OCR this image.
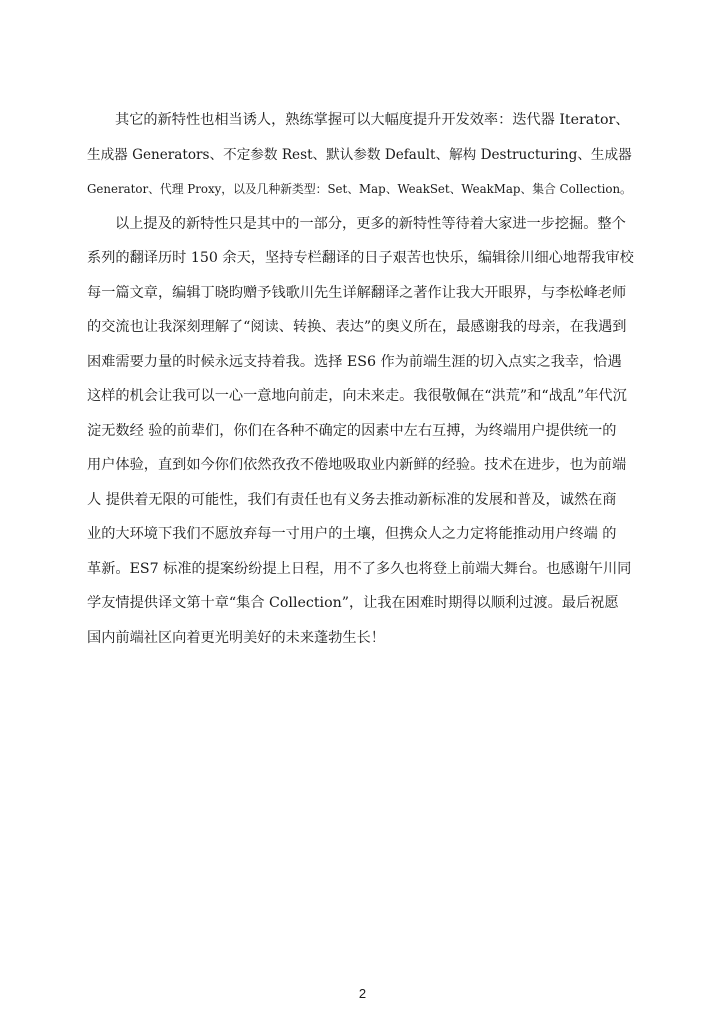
其它的新特性也相当诱人，熟练掌握可以大幅度提升开发效率：迭代器 Iterator、
生成器 Generators、不定参数 Rest、默认参数 Default、解构 Destructuring、生成器
Generator、代理 Proxy，以及几种新类型：Set、Map、WeakSet、WeakMap、集合 Collection。
以上提及的新特性只是其中的一部分，更多的新特性等待着大家进一步挖掘。整个
系列的翻译历时 150 余天，坚持专栏翻译的日子艰苦也快乐，编辑徐川细心地帮我审校
每一篇文章，编辑丁晓昀赠予钱歌川先生详解翻译之著作让我大开眼界，与李松峰老师
的交流也让我深刻理解了“阅读、转换、表达”的奥义所在，最感谢我的母亲，在我遇到
困难需要力量的时候永远支持着我。选择 ES6 作为前端生涯的切入点实之我幸，恰遇
这样的机会让我可以一心一意地向前走，向未来走。我很敬佩在“洪荒”和“战乱”年代沉
淀无数经 验的前辈们，你们在各种不确定的因素中左右互搏，为终端用户提供统一的
用户体验，直到如今你们依然孜孜不倦地吸取业内新鲜的经验。技术在进步，也为前端
人 提供着无限的可能性，我们有责任也有义务去推动新标准的发展和普及，诚然在商
业的大环境下我们不愿放弃每一寸用户的土壤，但携众人之力定将能推动用户终端 的
革新。ES7 标准的提案纷纷提上日程，用不了多久也将登上前端大舞台。也感谢午川同
学友情提供译文第十章“集合 Collection”，让我在困难时期得以顺利过渡。最后祝愿
国内前端社区向着更光明美好的未来蓬勃生长！
2
